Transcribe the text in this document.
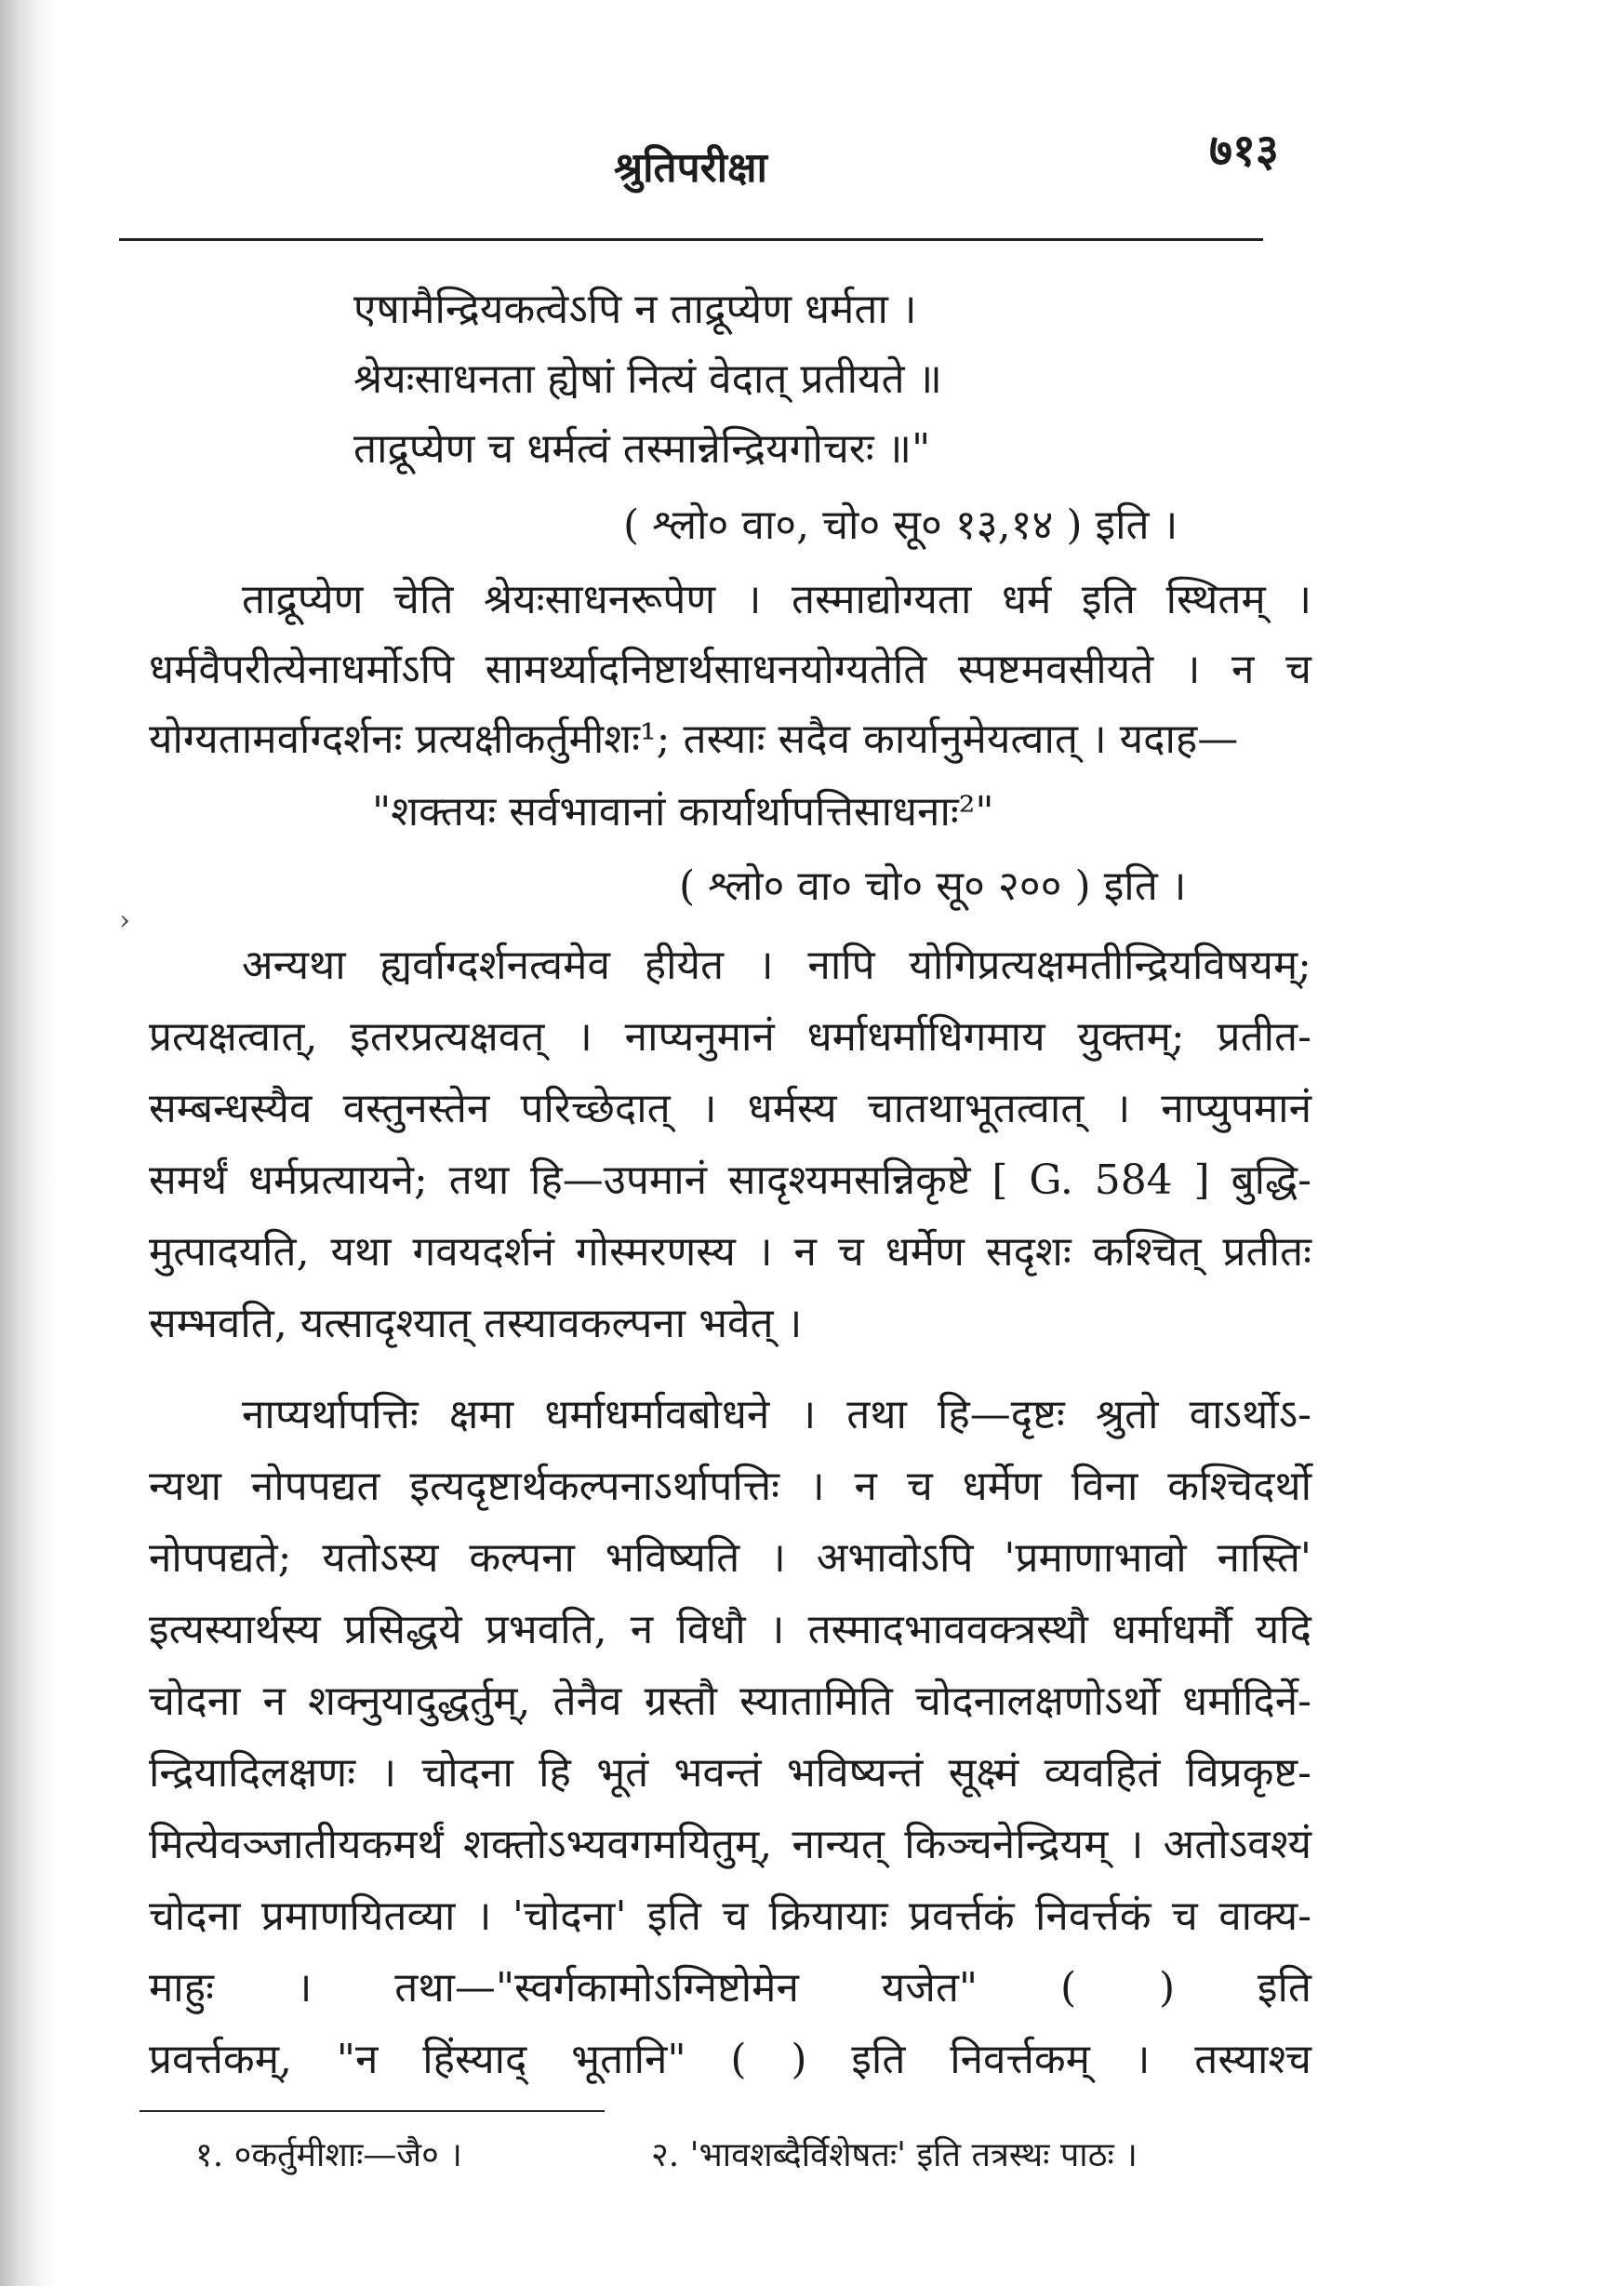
श्रुतिपरीक्षा	७१३
एषामैन्द्रियकत्वेऽपि न ताद्रूप्येण धर्मता ।
श्रेयःसाधनता ह्येषां नित्यं वेदात् प्रतीयते ॥
ताद्रूप्येण च धर्मत्वं तस्मान्नेन्द्रियगोचरः ॥"
( श्लो० वा०, चो० सू० १३,१४ ) इति ।
ताद्रूप्येण चेति श्रेयःसाधनरूपेण । तस्माद्योग्यता धर्म इति स्थितम् ।
धर्मवैपरीत्येनाधर्मोऽपि सामर्थ्यादनिष्टार्थसाधनयोग्यतेति स्पष्टमवसीयते । न च
योग्यतामर्वाग्दर्शनः प्रत्यक्षीकर्तुमीशः¹; तस्याः सदैव कार्यानुमेयत्वात् । यदाह—
"शक्तयः सर्वभावानां कार्यार्थापत्तिसाधनाः²"
( श्लो० वा० चो० सू० २०० ) इति ।
›
अन्यथा ह्यर्वाग्दर्शनत्वमेव हीयेत । नापि योगिप्रत्यक्षमतीन्द्रियविषयम्;
प्रत्यक्षत्वात्, इतरप्रत्यक्षवत् । नाप्यनुमानं धर्माधर्माधिगमाय युक्तम्; प्रतीत-
सम्बन्धस्यैव वस्तुनस्तेन परिच्छेदात् । धर्मस्य चातथाभूतत्वात् । नाप्युपमानं
समर्थं धर्मप्रत्यायने; तथा हि—उपमानं सादृश्यमसन्निकृष्टे [ G. 584 ] बुद्धि-
मुत्पादयति, यथा गवयदर्शनं गोस्मरणस्य । न च धर्मेण सदृशः कश्चित् प्रतीतः
सम्भवति, यत्सादृश्यात् तस्यावकल्पना भवेत् ।
नाप्यर्थापत्तिः क्षमा धर्माधर्मावबोधने । तथा हि—दृष्टः श्रुतो वाऽर्थोऽ-
न्यथा नोपपद्यत इत्यदृष्टार्थकल्पनाऽर्थापत्तिः । न च धर्मेण विना कश्चिदर्थो
नोपपद्यते; यतोऽस्य कल्पना भविष्यति । अभावोऽपि 'प्रमाणाभावो नास्ति'
इत्यस्यार्थस्य प्रसिद्धये प्रभवति, न विधौ । तस्मादभाववक्त्रस्थौ धर्माधर्मौ यदि
चोदना न शक्नुयादुद्धर्तुम्, तेनैव ग्रस्तौ स्यातामिति चोदनालक्षणोऽर्थो धर्मादिर्ने-
न्द्रियादिलक्षणः । चोदना हि भूतं भवन्तं भविष्यन्तं सूक्ष्मं व्यवहितं विप्रकृष्ट-
मित्येवञ्जातीयकमर्थं शक्तोऽभ्यवगमयितुम्, नान्यत् किञ्चनेन्द्रियम् । अतोऽवश्यं
चोदना प्रमाणयितव्या । 'चोदना' इति च क्रियायाः प्रवर्त्तकं निवर्त्तकं च वाक्य-
माहुः । तथा—"स्वर्गकामोऽग्निष्टोमेन यजेत" ( ) इति
प्रवर्त्तकम्, "न हिंस्याद् भूतानि" ( ) इति निवर्त्तकम् । तस्याश्च
१. ०कर्तुमीशाः—जै० ।	२. 'भावशब्दैर्विशेषतः' इति तत्रस्थः पाठः ।
